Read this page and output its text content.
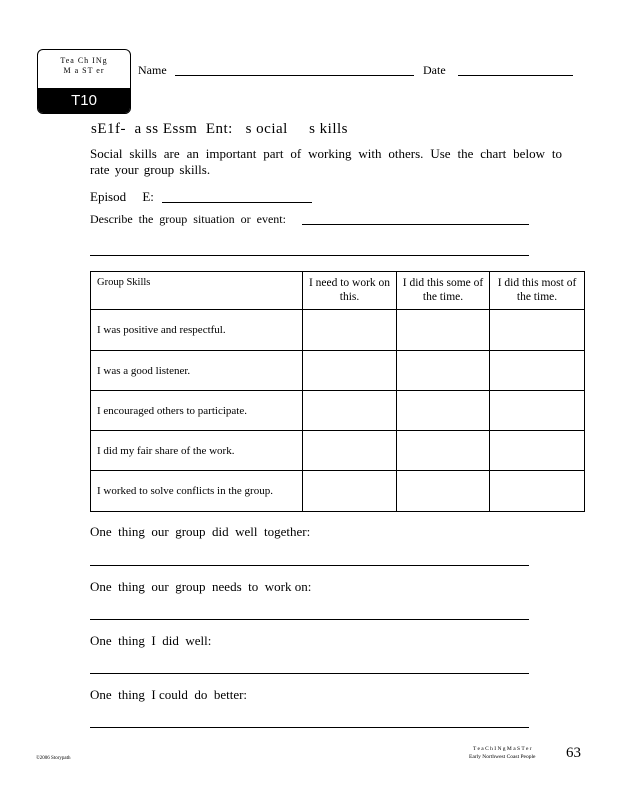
Tea Ch INg
M a ST er
T10
Name	Date
sE1f-  a ss Essm  Ent:   s ocial     s kills
Social skills are an important part of working with others. Use the chart below to rate your group skills.
Episod     E:
Describe  the  group  situation  or  event:
Group Skills	I need to work on this.	I did this some of the time.	I did this most of the time.
I was positive and respectful.			
I was a good listener.			
I encouraged others to participate.			
I did my fair share of the work.			
I worked to solve conflicts in the group.			
One  thing  our  group  did  well  together:
One  thing  our  group  needs  to  work on:
One  thing  I  did  well:
One  thing  I could  do  better:
©2006 Storypath
T e a C h I N g M a S T e r
Early Northwest Coast People 63
